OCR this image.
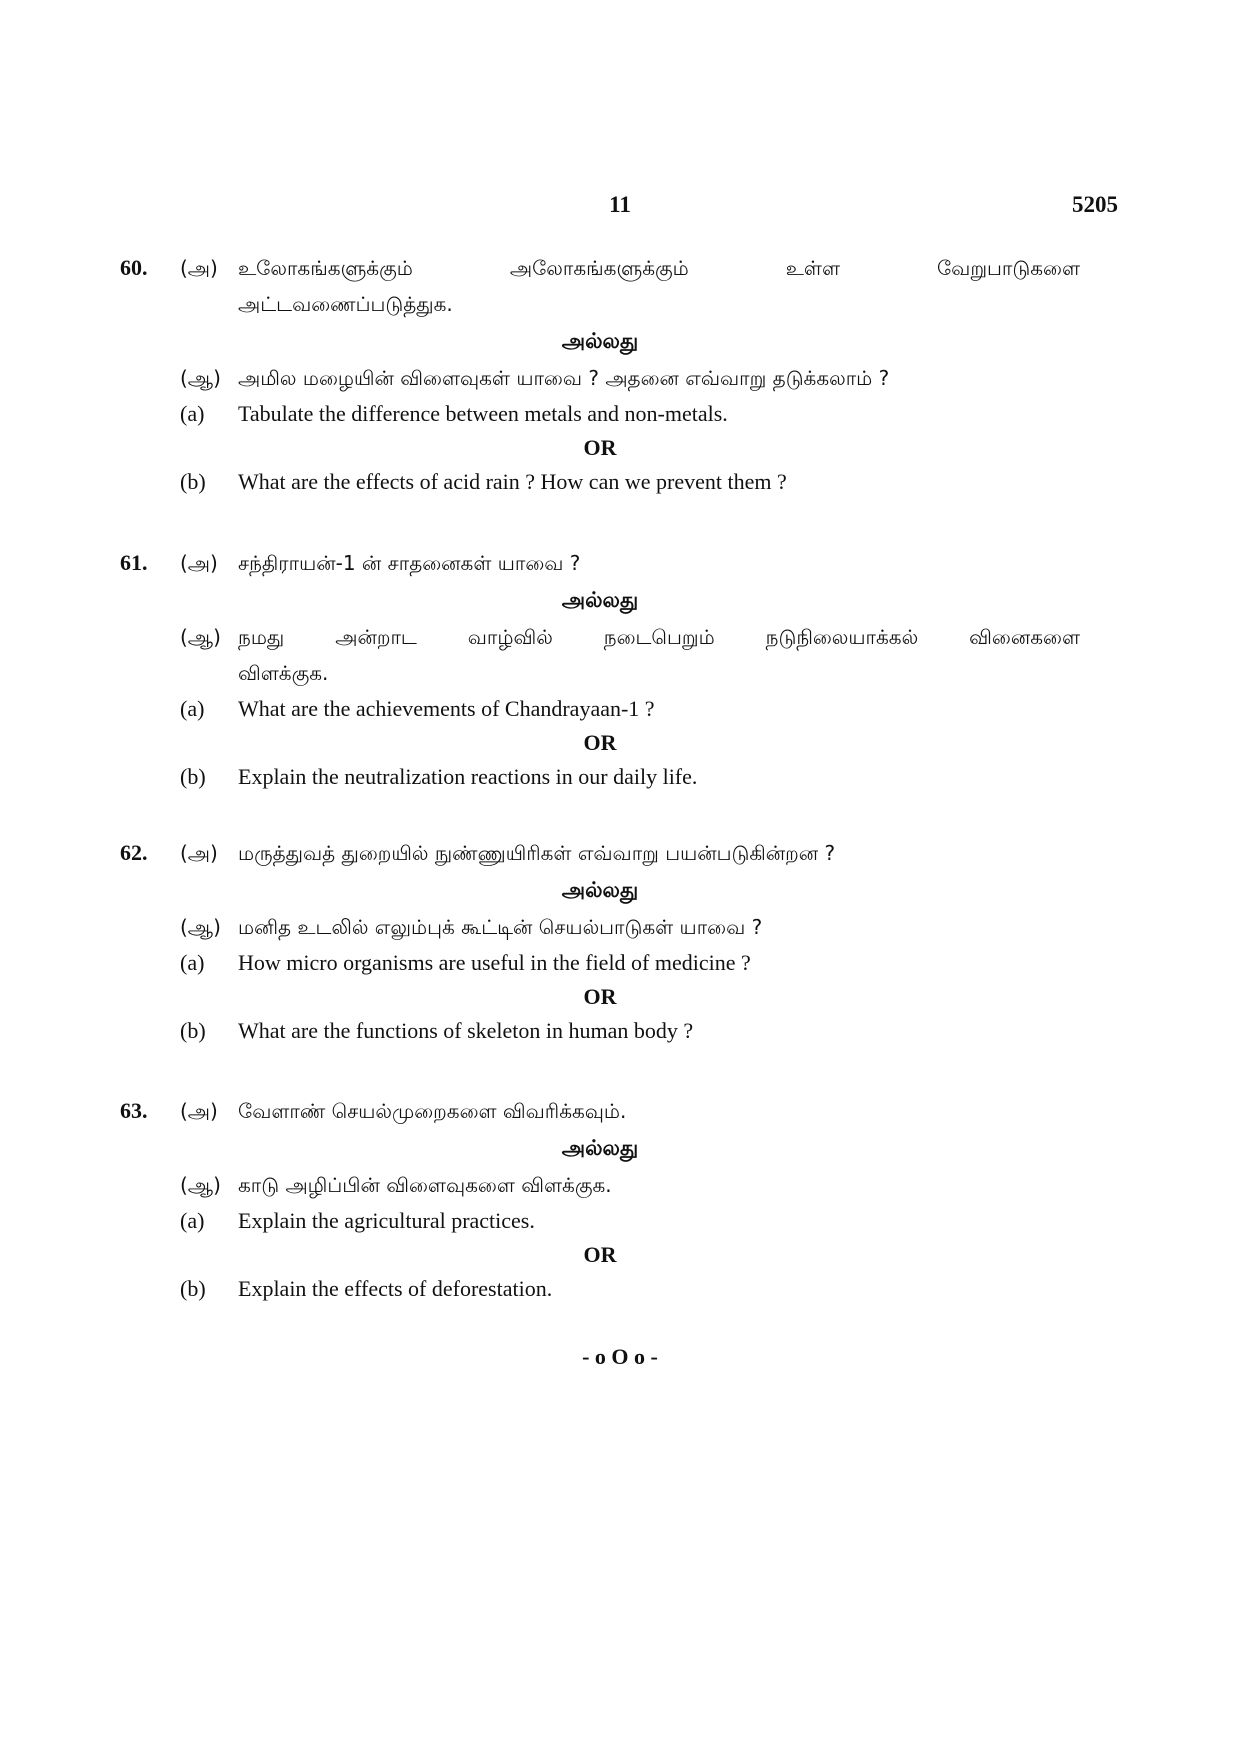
11	5205
60.	(அ) உலோகங்களுக்கும் அலோகங்களுக்கும் உள்ள வேறுபாடுகளை
அட்டவணைப்படுத்துக.
அல்லது
(ஆ) அமில மழையின் விளைவுகள் யாவை ? அதனை எவ்வாறு தடுக்கலாம் ?
(a) Tabulate the difference between metals and non-metals.
OR
(b) What are the effects of acid rain ? How can we prevent them ?
61.	(அ) சந்திராயன்-1 ன் சாதனைகள் யாவை ?
அல்லது
(ஆ) நமது அன்றாட வாழ்வில் நடைபெறும் நடுநிலையாக்கல் வினைகளை
விளக்குக.
(a) What are the achievements of Chandrayaan-1 ?
OR
(b) Explain the neutralization reactions in our daily life.
62.	(அ) மருத்துவத் துறையில் நுண்ணுயிரிகள் எவ்வாறு பயன்படுகின்றன ?
அல்லது
(ஆ) மனித உடலில் எலும்புக் கூட்டின் செயல்பாடுகள் யாவை ?
(a) How micro organisms are useful in the field of medicine ?
OR
(b) What are the functions of skeleton in human body ?
63.	(அ) வேளாண் செயல்முறைகளை விவரிக்கவும்.
அல்லது
(ஆ) காடு அழிப்பின் விளைவுகளை விளக்குக.
(a) Explain the agricultural practices.
OR
(b) Explain the effects of deforestation.
- o O o -
